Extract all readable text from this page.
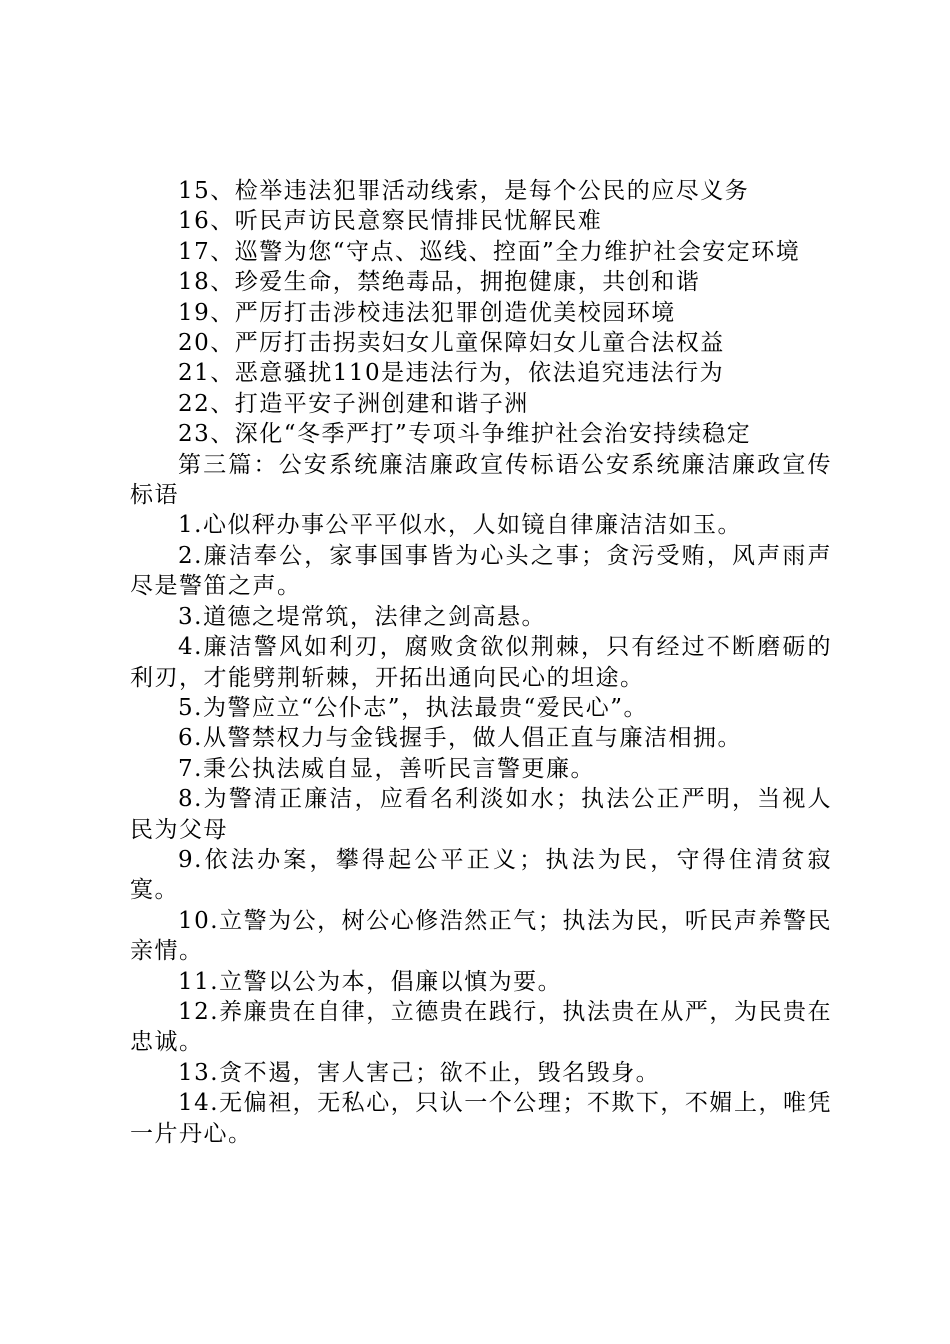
15、检举违法犯罪活动线索，是每个公民的应尽义务

16、听民声访民意察民情排民忧解民难

17、巡警为您“守点、巡线、控面”全力维护社会安定环境

18、珍爱生命，禁绝毒品，拥抱健康，共创和谐

19、严厉打击涉校违法犯罪创造优美校园环境

20、严厉打击拐卖妇女儿童保障妇女儿童合法权益

21、恶意骚扰110是违法行为，依法追究违法行为

22、打造平安子洲创建和谐子洲

23、深化“冬季严打”专项斗争维护社会治安持续稳定

第三篇：公安系统廉洁廉政宣传标语公安系统廉洁廉政宣传标语

1.心似秤办事公平平似水，人如镜自律廉洁洁如玉。

2.廉洁奉公，家事国事皆为心头之事；贪污受贿，风声雨声尽是警笛之声。

3.道德之堤常筑，法律之剑高悬。

4.廉洁警风如利刃，腐败贪欲似荆棘，只有经过不断磨砺的利刃，才能劈荆斩棘，开拓出通向民心的坦途。

5.为警应立“公仆志”，执法最贵“爱民心”。

6.从警禁权力与金钱握手，做人倡正直与廉洁相拥。

7.秉公执法威自显，善听民言警更廉。

8.为警清正廉洁，应看名利淡如水；执法公正严明，当视人民为父母

9.依法办案，攀得起公平正义；执法为民，守得住清贫寂寞。

10.立警为公，树公心修浩然正气；执法为民，听民声养警民亲情。

11.立警以公为本，倡廉以慎为要。

12.养廉贵在自律，立德贵在践行，执法贵在从严，为民贵在忠诚。

13.贪不遏，害人害己；欲不止，毁名毁身。

14.无偏袒，无私心，只认一个公理；不欺下，不媚上，唯凭一片丹心。
